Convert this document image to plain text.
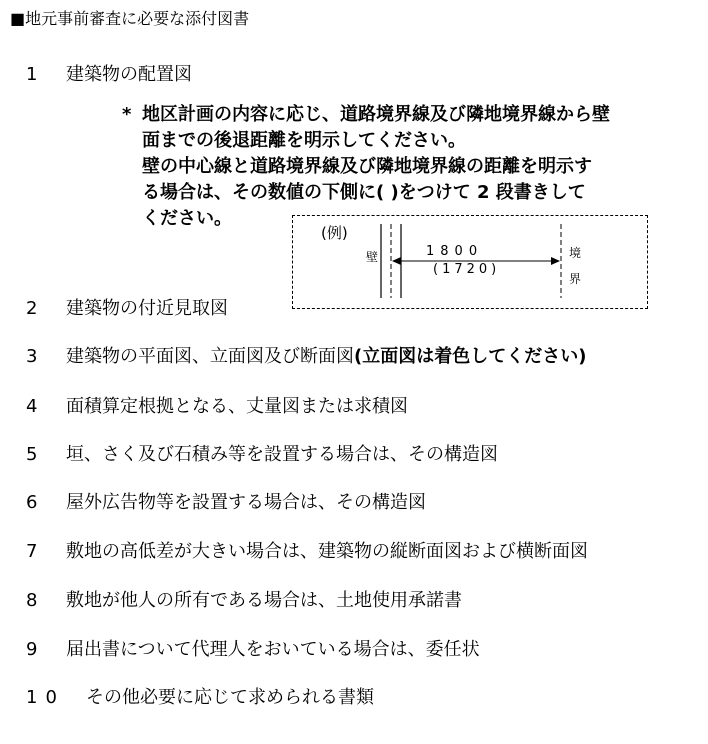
■地元事前審査に必要な添付図書
1 建築物の配置図
* 地区計画の内容に応じ、道路境界線及び隣地境界線から壁
面までの後退距離を明示してください。
壁の中心線と道路境界線及び隣地境界線の距離を明示す
る場合は、その数値の下側に( )をつけて 2 段書きして
ください。
(例)
壁	1800
(1720)
境
界
2 建築物の付近見取図
3 建築物の平面図、立面図及び断面図(立面図は着色してください)
4 面積算定根拠となる、丈量図または求積図
5 垣、さく及び石積み等を設置する場合は、その構造図
6 屋外広告物等を設置する場合は、その構造図
7 敷地の高低差が大きい場合は、建築物の縦断面図および横断面図
8 敷地が他人の所有である場合は、土地使用承諾書
9 届出書について代理人をおいている場合は、委任状
10 その他必要に応じて求められる書類
